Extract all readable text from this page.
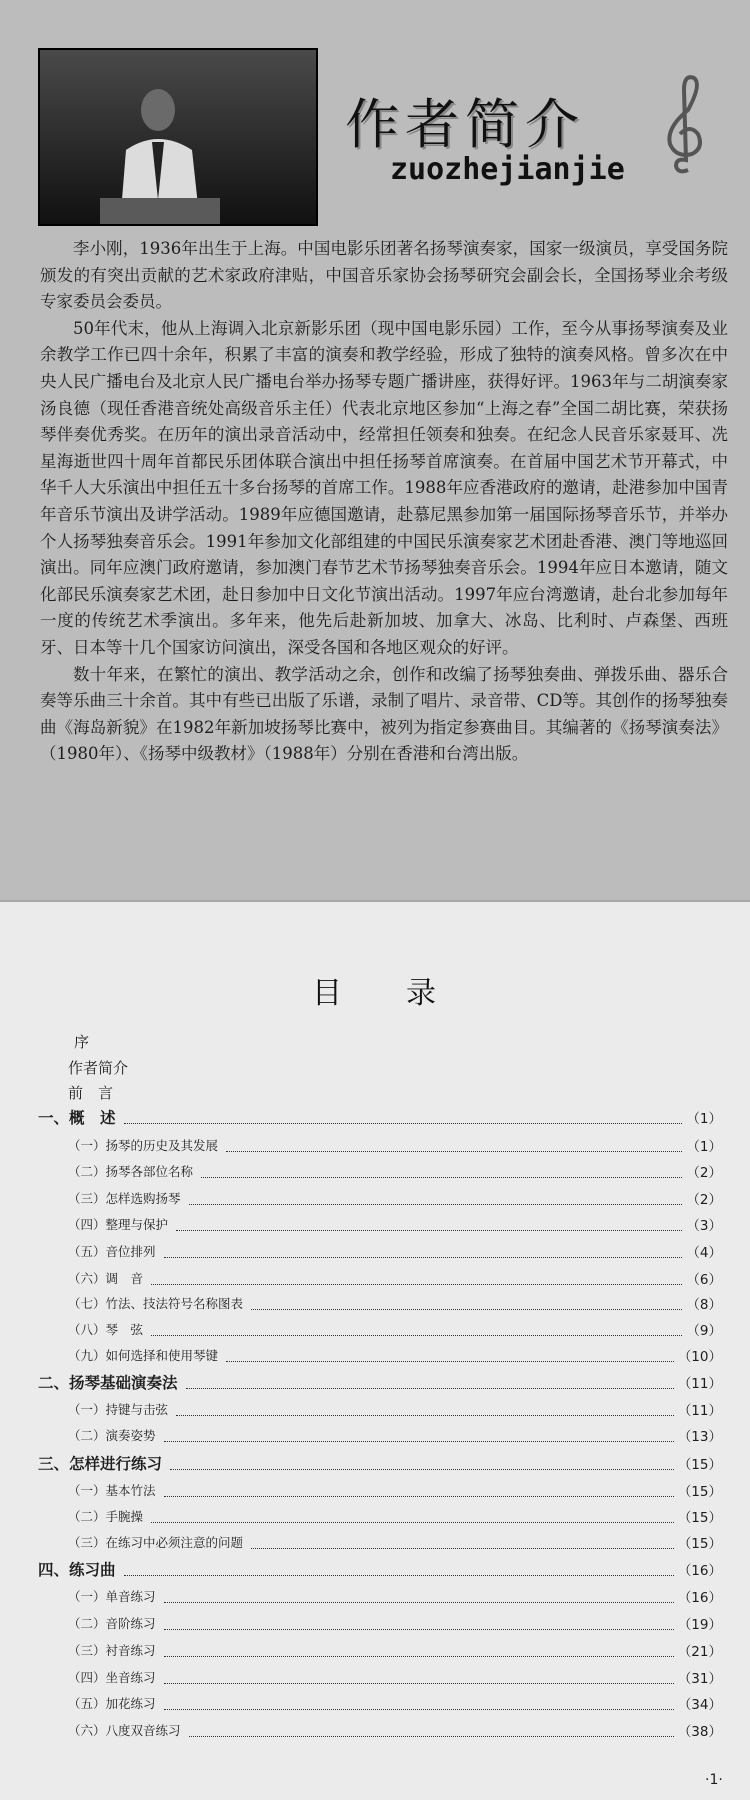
作者简介
zuozhejianjie

李小刚，1936年出生于上海。中国电影乐团著名扬琴演奏家，国家一级演员，享受国务院颁发的有突出贡献的艺术家政府津贴，中国音乐家协会扬琴研究会副会长，全国扬琴业余考级专家委员会委员。

50年代末，他从上海调入北京新影乐团（现中国电影乐园）工作，至今从事扬琴演奏及业余教学工作已四十余年，积累了丰富的演奏和教学经验，形成了独特的演奏风格。曾多次在中央人民广播电台及北京人民广播电台举办扬琴专题广播讲座，获得好评。1963年与二胡演奏家汤良德（现任香港音统处高级音乐主任）代表北京地区参加“上海之春”全国二胡比赛，荣获扬琴伴奏优秀奖。在历年的演出录音活动中，经常担任领奏和独奏。在纪念人民音乐家聂耳、冼星海逝世四十周年首都民乐团体联合演出中担任扬琴首席演奏。在首届中国艺术节开幕式，中华千人大乐演出中担任五十多台扬琴的首席工作。1988年应香港政府的邀请，赴港参加中国青年音乐节演出及讲学活动。1989年应德国邀请，赴慕尼黑参加第一届国际扬琴音乐节，并举办个人扬琴独奏音乐会。1991年参加文化部组建的中国民乐演奏家艺术团赴香港、澳门等地巡回演出。同年应澳门政府邀请，参加澳门春节艺术节扬琴独奏音乐会。1994年应日本邀请，随文化部民乐演奏家艺术团，赴日参加中日文化节演出活动。1997年应台湾邀请，赴台北参加每年一度的传统艺术季演出。多年来，他先后赴新加坡、加拿大、冰岛、比利时、卢森堡、西班牙、日本等十几个国家访问演出，深受各国和各地区观众的好评。

数十年来，在繁忙的演出、教学活动之余，创作和改编了扬琴独奏曲、弹拨乐曲、器乐合奏等乐曲三十余首。其中有些已出版了乐谱，录制了唱片、录音带、CD等。其创作的扬琴独奏曲《海岛新貌》在1982年新加坡扬琴比赛中，被列为指定参赛曲目。其编著的《扬琴演奏法》（1980年）、《扬琴中级教材》（1988年）分别在香港和台湾出版。

目录
序
作者简介
前　言
一、概　述	（1）
（一）扬琴的历史及其发展	（1）
（二）扬琴各部位名称	（2）
（三）怎样选购扬琴	（2）
（四）整理与保护	（3）
（五）音位排列	（4）
（六）调　音	（6）
（七）竹法、技法符号名称图表	（8）
（八）琴　弦	（9）
（九）如何选择和使用琴键	（10）
二、扬琴基础演奏法	（11）
（一）持键与击弦	（11）
（二）演奏姿势	（13）
三、怎样进行练习	（15）
（一）基本竹法	（15）
（二）手腕操	（15）
（三）在练习中必须注意的问题	（15）
四、练习曲	（16）
（一）单音练习	（16）
（二）音阶练习	（19）
（三）衬音练习	（21）
（四）坐音练习	（31）
（五）加花练习	（34）
（六）八度双音练习	（38）
·1·
